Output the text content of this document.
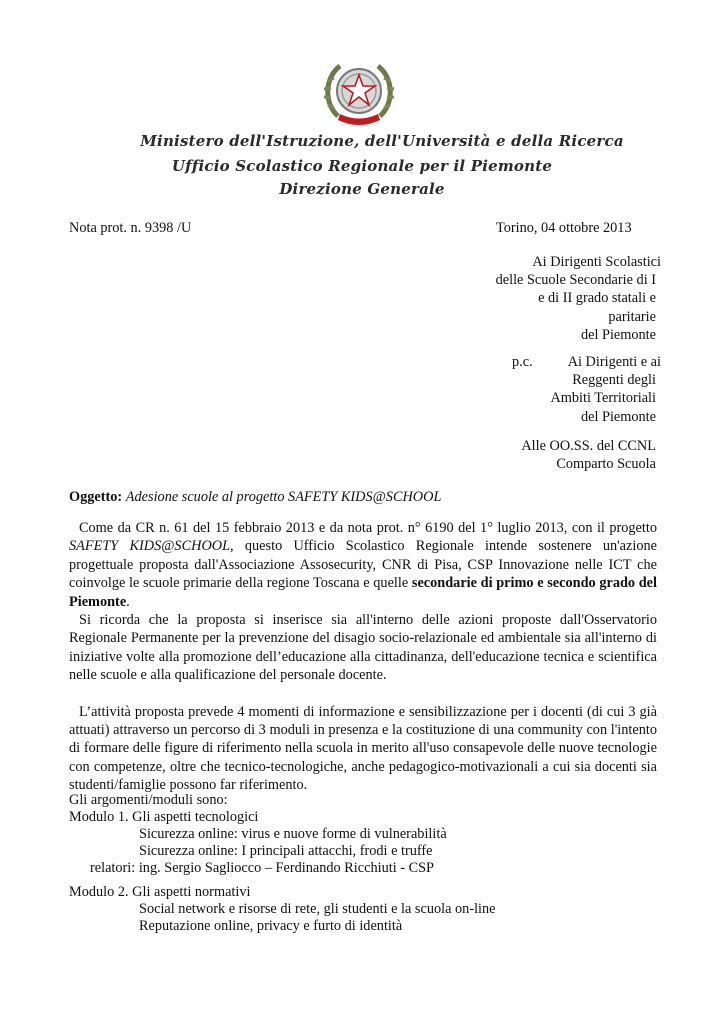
Ministero dell'Istruzione, dell'Università e della Ricerca
Ufficio Scolastico Regionale per il Piemonte
Direzione Generale
Nota prot. n. 9398 /U	Torino, 04 ottobre 2013
Ai Dirigenti Scolastici
delle Scuole Secondarie di I
e di II grado statali e
paritarie
del Piemonte
p.c.	Ai Dirigenti e ai
Reggenti degli
Ambiti Territoriali
del Piemonte
Alle OO.SS. del CCNL
Comparto Scuola
Oggetto: Adesione scuole al progetto SAFETY KIDS@SCHOOL

Come da CR n. 61 del 15 febbraio 2013 e da nota prot. n° 6190 del 1° luglio 2013, con il progetto SAFETY KIDS@SCHOOL, questo Ufficio Scolastico Regionale intende sostenere un'azione progettuale proposta dall'Associazione Assosecurity, CNR di Pisa, CSP Innovazione nelle ICT che coinvolge le scuole primarie della regione Toscana e quelle secondarie di primo e secondo grado del Piemonte.

Si ricorda che la proposta si inserisce sia all'interno delle azioni proposte dall'Osservatorio Regionale Permanente per la prevenzione del disagio socio-relazionale ed ambientale sia all'interno di iniziative volte alla promozione dell’educazione alla cittadinanza, dell'educazione tecnica e scientifica nelle scuole e alla qualificazione del personale docente.

L’attività proposta prevede 4 momenti di informazione e sensibilizzazione per i docenti (di cui 3 già attuati) attraverso un percorso di 3 moduli in presenza e la costituzione di una community con l'intento di formare delle figure di riferimento nella scuola in merito all'uso consapevole delle nuove tecnologie con competenze, oltre che tecnico-tecnologiche, anche pedagogico-motivazionali a cui sia docenti sia studenti/famiglie possono far riferimento.

Gli argomenti/moduli sono:
Modulo 1. Gli aspetti tecnologici
Sicurezza online: virus e nuove forme di vulnerabilità
Sicurezza online: I principali attacchi, frodi e truffe
relatori: ing. Sergio Sagliocco – Ferdinando Ricchiuti - CSP
Modulo 2. Gli aspetti normativi
Social network e risorse di rete, gli studenti e la scuola on-line
Reputazione online, privacy e furto di identità
